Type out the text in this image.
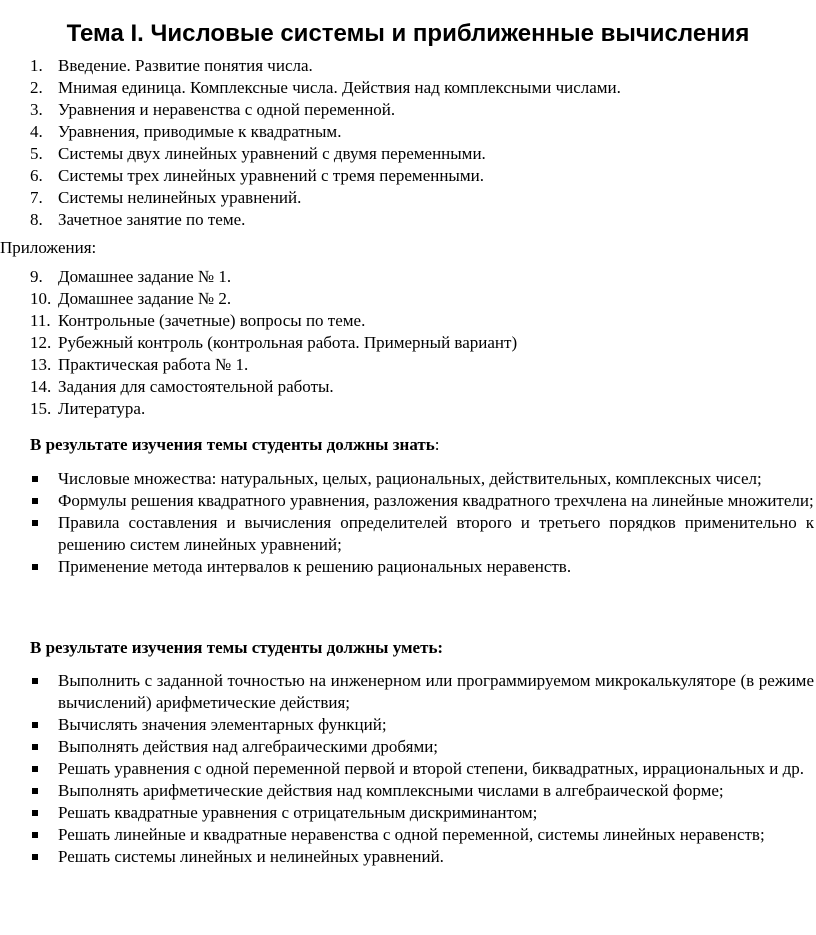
Тема I. Числовые системы и приближенные вычисления
1. Введение. Развитие понятия числа.
2. Мнимая единица. Комплексные числа. Действия над комплексными числами.
3. Уравнения и неравенства с одной переменной.
4. Уравнения, приводимые к квадратным.
5. Системы двух линейных уравнений с двумя переменными.
6. Системы трех линейных уравнений с тремя переменными.
7. Системы нелинейных уравнений.
8. Зачетное занятие по теме.
Приложения:
9. Домашнее задание № 1.
10. Домашнее задание № 2.
11. Контрольные (зачетные) вопросы по теме.
12. Рубежный контроль (контрольная работа. Примерный вариант)
13. Практическая работа № 1.
14. Задания для самостоятельной работы.
15. Литература.
В результате изучения темы студенты должны знать:
Числовые множества: натуральных, целых, рациональных, действительных, комплексных чисел;
Формулы решения квадратного уравнения, разложения квадратного трехчлена на линейные множители;
Правила составления и вычисления определителей второго и третьего порядков применительно к решению систем линейных уравнений;
Применение метода интервалов к решению рациональных неравенств.
В результате изучения темы студенты должны уметь:
Выполнить с заданной точностью на инженерном или программируемом микрокалькуляторе (в режиме вычислений) арифметические действия;
Вычислять значения элементарных функций;
Выполнять действия над алгебраическими дробями;
Решать уравнения с одной переменной первой и второй степени, биквадратных, иррациональных и др.
Выполнять арифметические действия над комплексными числами в алгебраической форме;
Решать квадратные уравнения с отрицательным дискриминантом;
Решать линейные и квадратные неравенства с одной переменной, системы линейных неравенств;
Решать системы линейных и нелинейных уравнений.
